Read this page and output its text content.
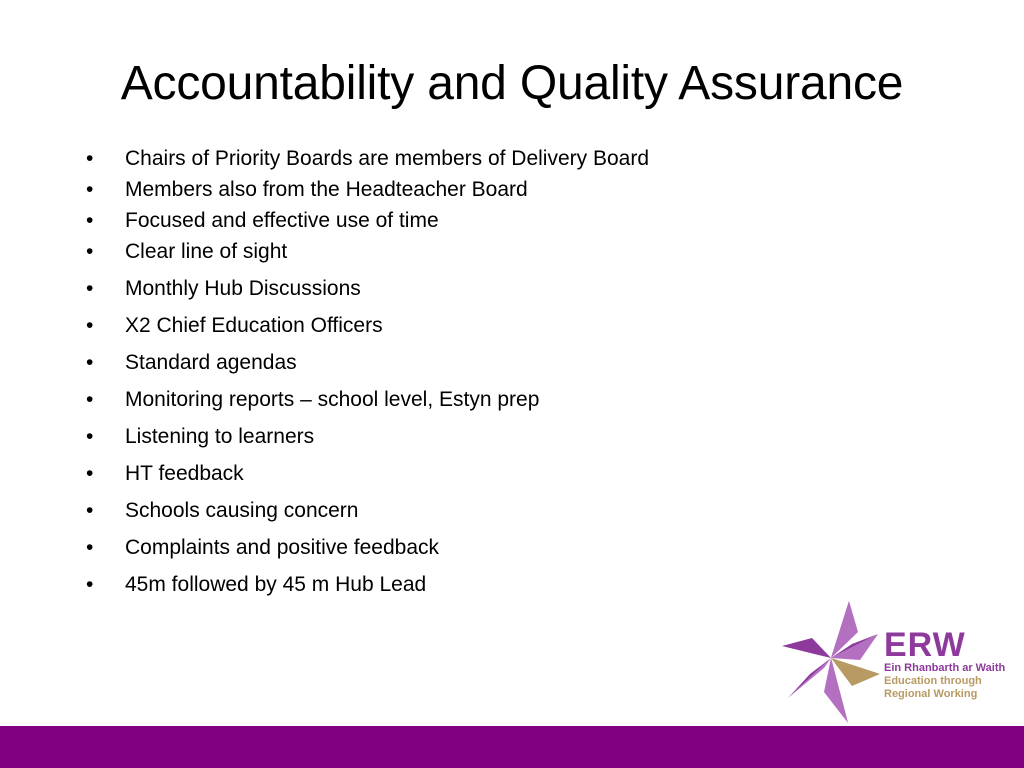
Accountability and Quality Assurance
• Chairs of Priority Boards are members of Delivery Board
• Members also from the Headteacher Board
• Focused and effective use of time
• Clear line of sight
• Monthly Hub Discussions
• X2 Chief Education Officers
• Standard agendas
• Monitoring reports – school level, Estyn prep
• Listening to learners
• HT feedback
• Schools causing concern
• Complaints and positive feedback
• 45m followed by 45 m Hub Lead
ERW
Ein Rhanbarth ar Waith
Education through
Regional Working
